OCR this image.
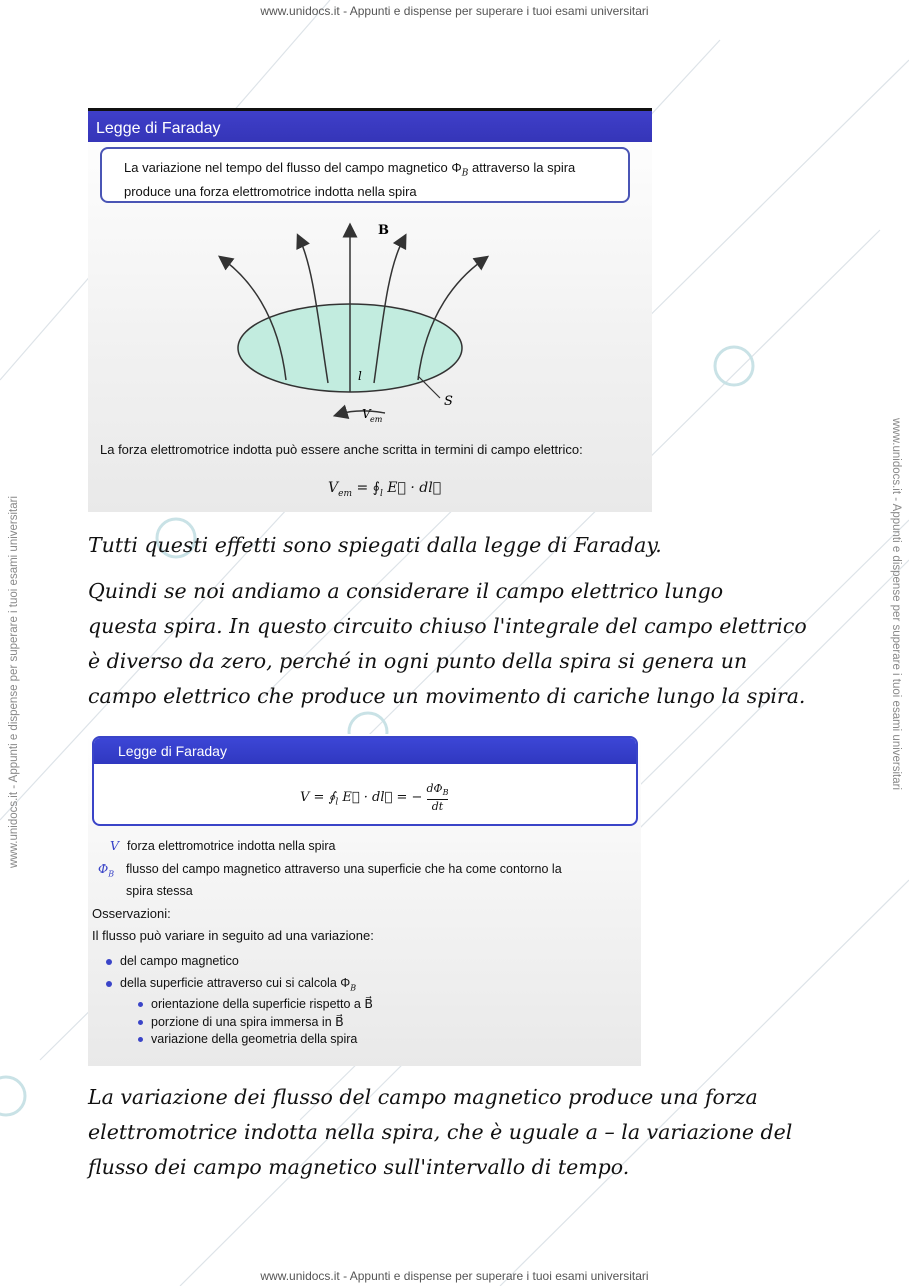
www.unidocs.it - Appunti e dispense per superare i tuoi esami universitari
www.unidocs.it - Appunti e dispense per superare i tuoi esami universitari
www.unidocs.it - Appunti e dispense per superare i tuoi esami universitari	www.unidocs.it - Appunti e dispense per superare i tuoi esami universitari
Legge di Faraday
La variazione nel tempo del flusso del campo magnetico $\Phi_B$ attraverso la spira
produce una forza elettromotrice indotta nella spira
B
S
l
V em
La forza elettromotrice indotta può essere anche scritta in termini di campo elettrico:
$V_{em}$ = $∮_l$ E⃗ · dl⃗

Tutti questi effetti sono spiegati dalla legge di Faraday.

Quindi se noi andiamo a considerare il campo elettrico lungo
questa spira. In questo circuito chiuso l'integrale del campo elettrico
è diverso da zero, perché in ogni punto della spira si genera un
campo elettrico che produce un movimento di cariche lungo la spira.
Legge di Faraday
$V = ∮_l$ E⃗ · dl⃗ = −
$d\Phi_B$
dt
V forza elettromotrice indotta nella spira
$\Phi_B$ flusso del campo magnetico attraverso una superficie che ha come contorno la
spira stessa
Osservazioni:
Il flusso può variare in seguito ad una variazione:
del campo magnetico
della superficie attraverso cui si calcola $\Phi_B$
orientazione della superficie rispetto a B⃗
porzione di una spira immersa in B⃗
variazione della geometria della spira
La variazione dei flusso del campo magnetico produce una forza
elettromotrice indotta nella spira, che è uguale a – la variazione del
flusso dei campo magnetico sull'intervallo di tempo.
